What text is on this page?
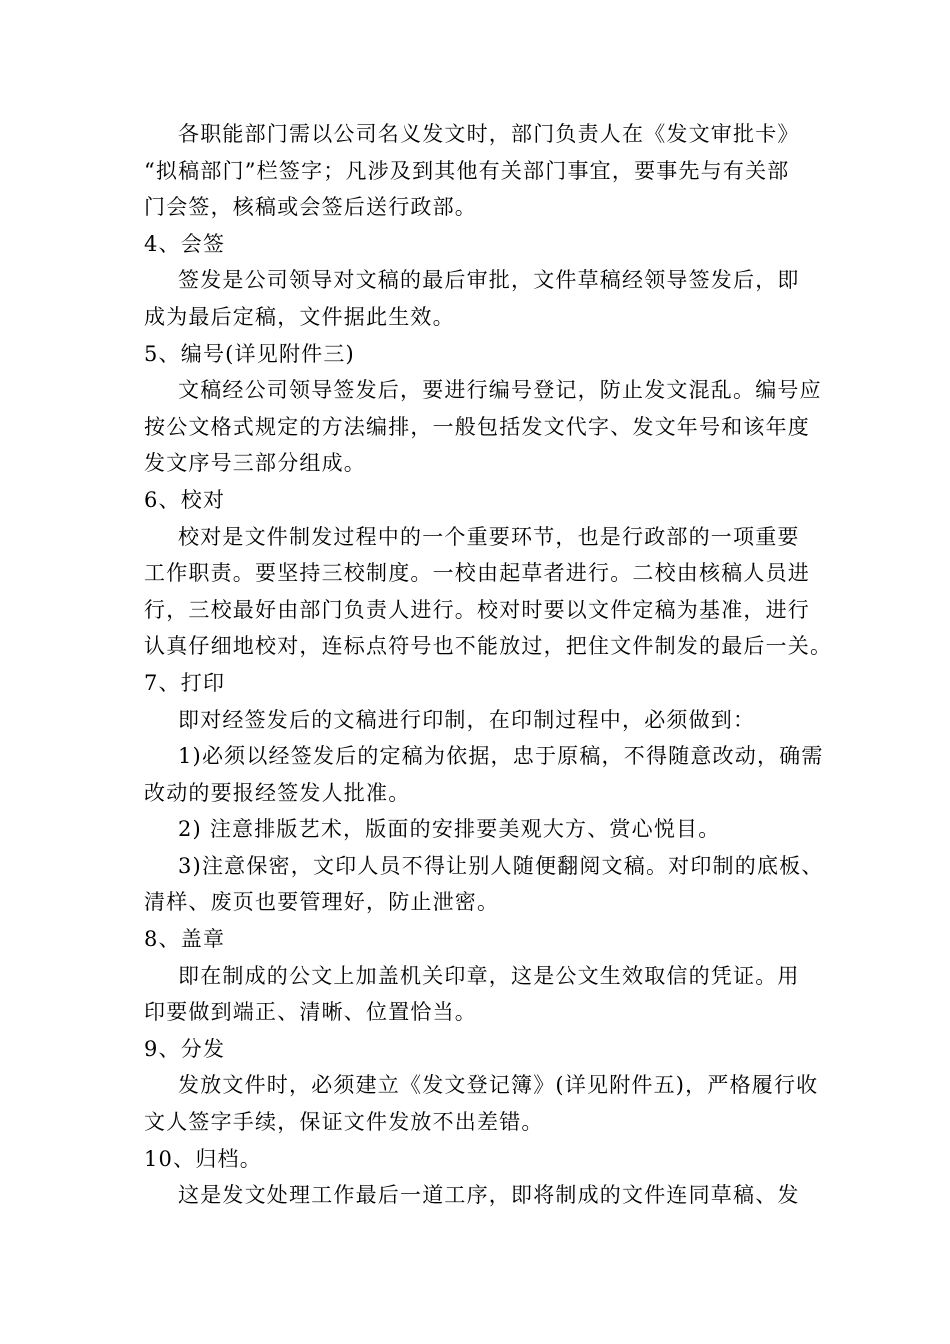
各职能部门需以公司名义发文时，部门负责人在《发文审批卡》
“拟稿部门”栏签字；凡涉及到其他有关部门事宜，要事先与有关部
门会签，核稿或会签后送行政部。
4、会签
签发是公司领导对文稿的最后审批，文件草稿经领导签发后，即
成为最后定稿，文件据此生效。
5、编号(详见附件三)
文稿经公司领导签发后，要进行编号登记，防止发文混乱。编号应
按公文格式规定的方法编排，一般包括发文代字、发文年号和该年度
发文序号三部分组成。
6、校对
校对是文件制发过程中的一个重要环节，也是行政部的一项重要
工作职责。要坚持三校制度。一校由起草者进行。二校由核稿人员进
行，三校最好由部门负责人进行。校对时要以文件定稿为基准，进行
认真仔细地校对，连标点符号也不能放过，把住文件制发的最后一关。
7、打印
即对经签发后的文稿进行印制，在印制过程中，必须做到：
1)必须以经签发后的定稿为依据，忠于原稿，不得随意改动，确需
改动的要报经签发人批准。
2) 注意排版艺术，版面的安排要美观大方、赏心悦目。
3)注意保密，文印人员不得让别人随便翻阅文稿。对印制的底板、
清样、废页也要管理好，防止泄密。
8、盖章
即在制成的公文上加盖机关印章，这是公文生效取信的凭证。用
印要做到端正、清晰、位置恰当。
9、分发
发放文件时，必须建立《发文登记簿》(详见附件五)，严格履行收
文人签字手续，保证文件发放不出差错。
10、归档。
这是发文处理工作最后一道工序，即将制成的文件连同草稿、发
